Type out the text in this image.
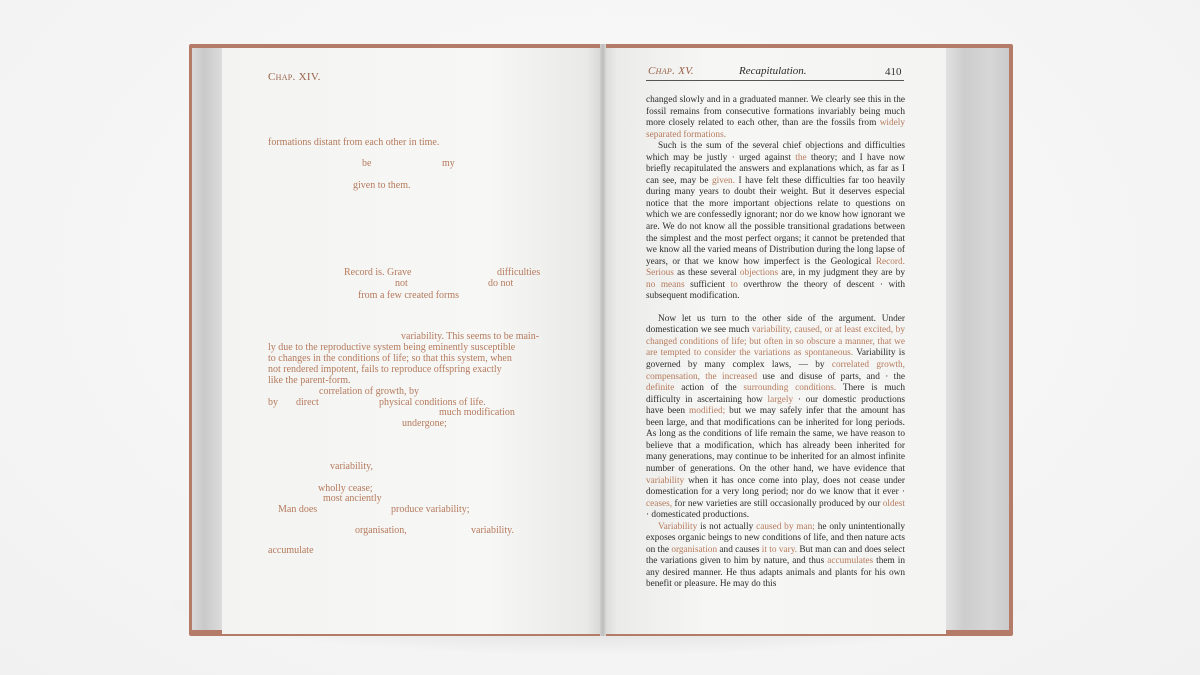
Chap. XIV.
formations distant from each other in time.
be	my
given to them.
Record is. Grave	difficulties
not	do not
from a few created forms
variability. This seems to be main-
ly due to the reproductive system being eminently susceptible
to changes in the conditions of life; so that this system, when
not rendered impotent, fails to reproduce offspring exactly
like the parent-form.
correlation of growth, by
by direct	physical conditions of life.
much modification
undergone;
variability,
wholly cease;
most anciently
Man does	produce variability;
organisation,	variability.
accumulate
Chap. XV.	Recapitulation.	410

changed slowly and in a graduated manner. We clearly see this in the fossil remains from consecutive formations invariably being much more closely related to each other, than are the fossils from widely separated formations.

Such is the sum of the several chief objections and difficulties which may be justly · urged against the theory; and I have now briefly recapitulated the answers and explanations which, as far as I can see, may be given. I have felt these difficulties far too heavily during many years to doubt their weight. But it deserves especial notice that the more important objections relate to questions on which we are confessedly ignorant; nor do we know how ignorant we are. We do not know all the possible transitional gradations between the simplest and the most perfect organs; it cannot be pretended that we know all the varied means of Distribution during the long lapse of years, or that we know how imperfect is the Geological Record. Serious as these several objections are, in my judgment they are by no means sufficient to overthrow the theory of descent · with subsequent modification.

Now let us turn to the other side of the argument. Under domestication we see much variability, caused, or at least excited, by changed conditions of life; but often in so obscure a manner, that we are tempted to consider the variations as spontaneous. Variability is governed by many complex laws, — by correlated growth, compensation, the increased use and disuse of parts, and · the definite action of the surrounding conditions. There is much difficulty in ascertaining how largely · our domestic productions have been modified; but we may safely infer that the amount has been large, and that modifications can be inherited for long periods. As long as the conditions of life remain the same, we have reason to believe that a modification, which has already been inherited for many generations, may continue to be inherited for an almost infinite number of generations. On the other hand, we have evidence that variability when it has once come into play, does not cease under domestication for a very long period; nor do we know that it ever · ceases, for new varieties are still occasionally produced by our oldest · domesticated productions.

Variability is not actually caused by man; he only unintentionally exposes organic beings to new conditions of life, and then nature acts on the organisation and causes it to vary. But man can and does select the variations given to him by nature, and thus accumulates them in any desired manner. He thus adapts animals and plants for his own benefit or pleasure. He may do this
